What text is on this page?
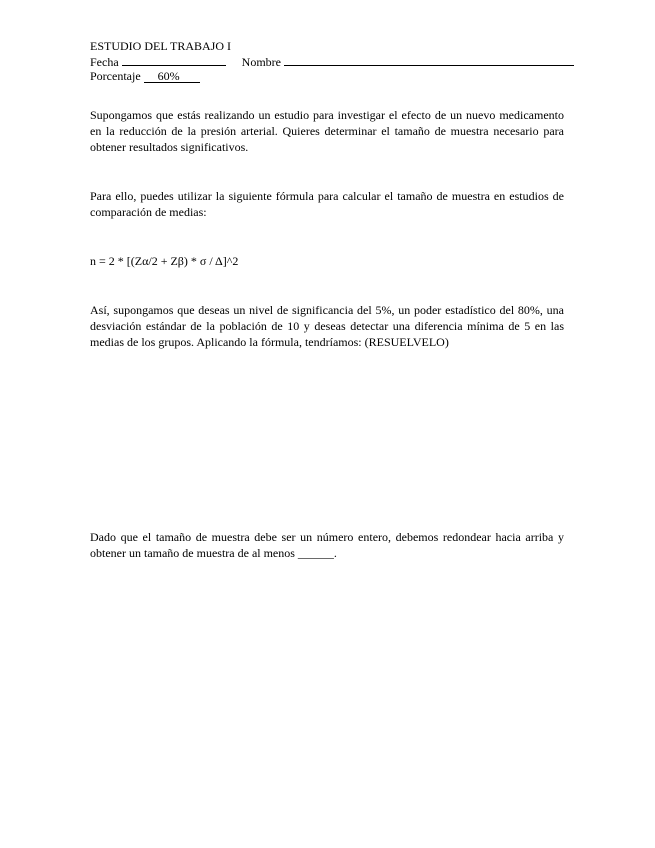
ESTUDIO DEL TRABAJO I
Fecha	Nombre
Porcentaje 60%

Supongamos que estás realizando un estudio para investigar el efecto de un nuevo medicamento en la reducción de la presión arterial. Quieres determinar el tamaño de muestra necesario para obtener resultados significativos.

Para ello, puedes utilizar la siguiente fórmula para calcular el tamaño de muestra en estudios de comparación de medias:

n = 2 * [(Zα/2 + Zβ) * σ / Δ]^2

Así, supongamos que deseas un nivel de significancia del 5%, un poder estadístico del 80%, una desviación estándar de la población de 10 y deseas detectar una diferencia mínima de 5 en las medias de los grupos. Aplicando la fórmula, tendríamos: (RESUELVELO)

Dado que el tamaño de muestra debe ser un número entero, debemos redondear hacia arriba y obtener un tamaño de muestra de al menos ______.
